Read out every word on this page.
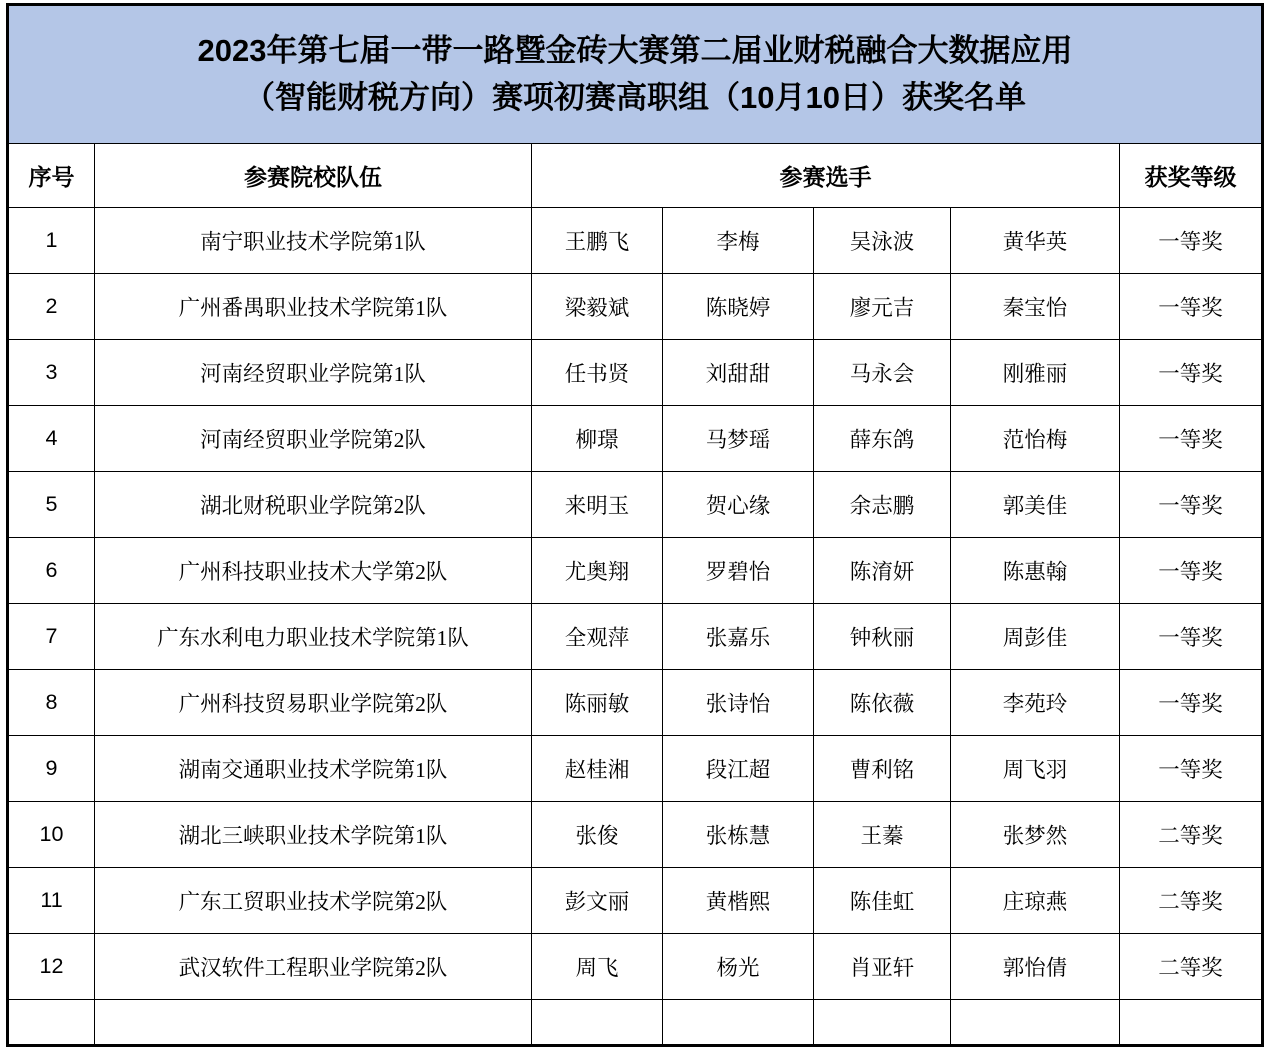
2023年第七届一带一路暨金砖大赛第二届业财税融合大数据应用
（智能财税方向）赛项初赛高职组（10月10日）获奖名单						

序号	参赛院校队伍	参赛选手				获奖等级
1	南宁职业技术学院第1队	王鹏飞	李梅	吴泳波	黄华英	一等奖
2	广州番禺职业技术学院第1队	梁毅斌	陈晓婷	廖元吉	秦宝怡	一等奖
3	河南经贸职业学院第1队	任书贤	刘甜甜	马永会	刚雅丽	一等奖
4	河南经贸职业学院第2队	柳璟	马梦瑶	薛东鸽	范怡梅	一等奖
5	湖北财税职业学院第2队	来明玉	贺心缘	余志鹏	郭美佳	一等奖
6	广州科技职业技术大学第2队	尤奥翔	罗碧怡	陈淯妍	陈惠翰	一等奖
7	广东水利电力职业技术学院第1队	全观萍	张嘉乐	钟秋丽	周彭佳	一等奖
8	广州科技贸易职业学院第2队	陈丽敏	张诗怡	陈依薇	李苑玲	一等奖
9	湖南交通职业技术学院第1队	赵桂湘	段江超	曹利铭	周飞羽	一等奖
10	湖北三峡职业技术学院第1队	张俊	张栋慧	王蓁	张梦然	二等奖
11	广东工贸职业技术学院第2队	彭文丽	黄楷熙	陈佳虹	庄琼燕	二等奖
12	武汉软件工程职业学院第2队	周飞	杨光	肖亚轩	郭怡倩	二等奖
